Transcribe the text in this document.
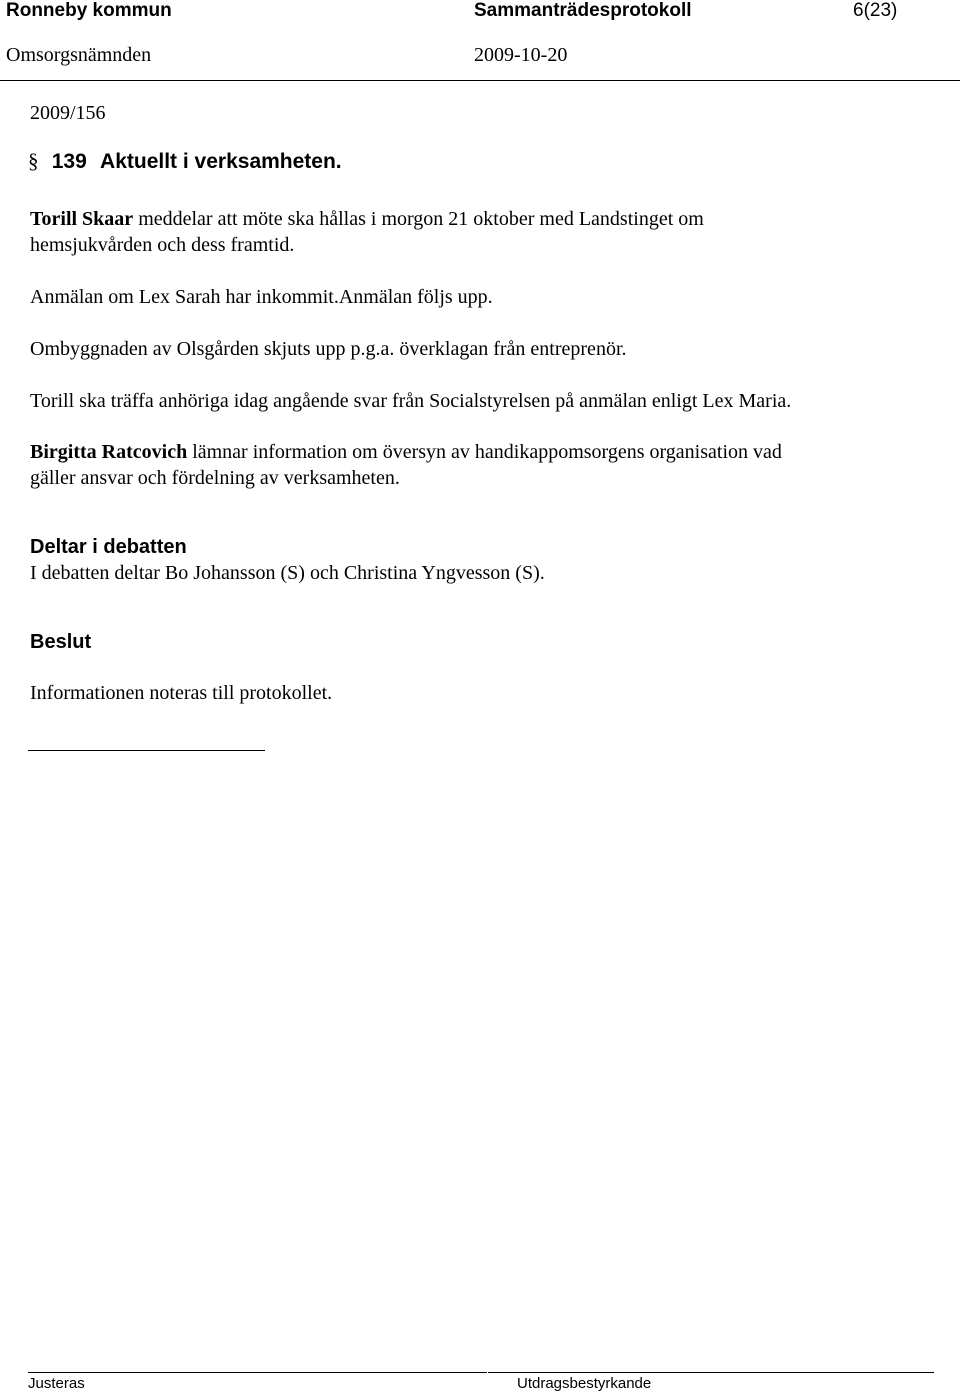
Ronneby kommun	Sammanträdesprotokoll	6(23)
Omsorgsnämnden	2009-10-20
2009/156
§ 139 Aktuellt i verksamheten.
Torill Skaar meddelar att möte ska hållas i morgon 21 oktober med Landstinget om
hemsjukvården och dess framtid.
Anmälan om Lex Sarah har inkommit.Anmälan följs upp.
Ombyggnaden av Olsgården skjuts upp p.g.a. överklagan från entreprenör.
Torill ska träffa anhöriga idag angående svar från Socialstyrelsen på anmälan enligt Lex Maria.
Birgitta Ratcovich lämnar information om översyn av handikappomsorgens organisation vad
gäller ansvar och fördelning av verksamheten.
Deltar i debatten
I debatten deltar Bo Johansson (S) och Christina Yngvesson (S).
Beslut
Informationen noteras till protokollet.
Justeras	Utdragsbestyrkande
